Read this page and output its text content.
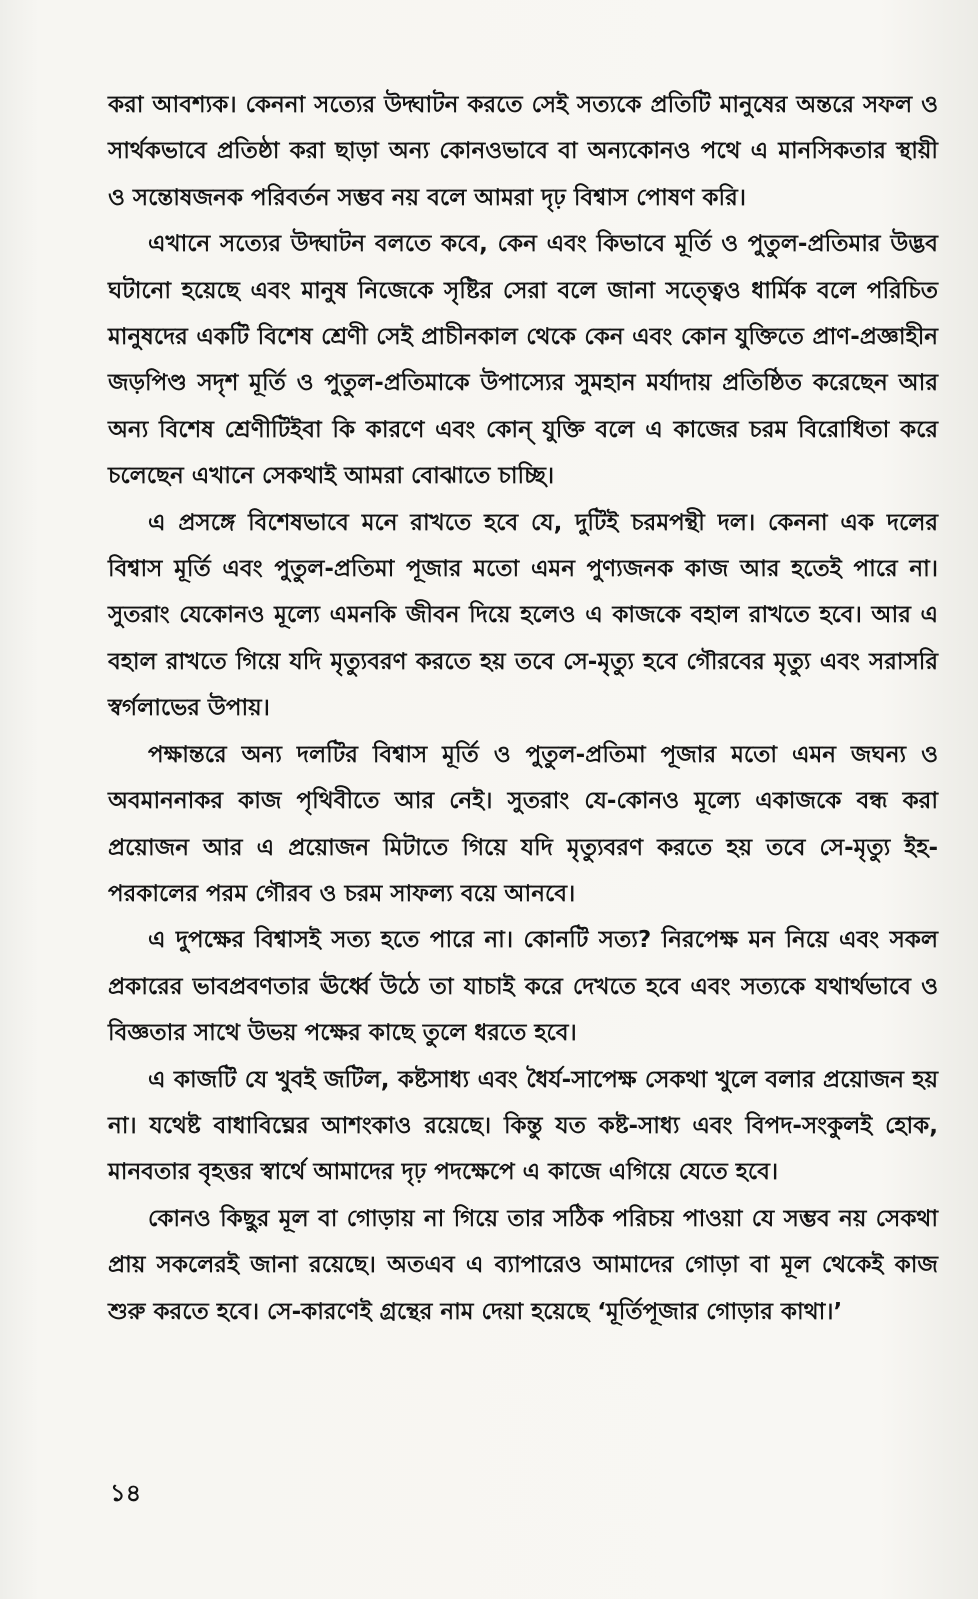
করা আবশ্যক। কেননা সত্যের উদ্ঘাটন করতে সেই সত্যকে প্রতিটি মানুষের অন্তরে সফল ও সার্থকভাবে প্রতিষ্ঠা করা ছাড়া অন্য কোনওভাবে বা অন্যকোনও পথে এ মানসিকতার স্থায়ী ও সন্তোষজনক পরিবর্তন সম্ভব নয় বলে আমরা দৃঢ় বিশ্বাস পোষণ করি।

এখানে সত্যের উদ্ঘাটন বলতে কবে, কেন এবং কিভাবে মূর্তি ও পুতুল-প্রতিমার উদ্ভব ঘটানো হয়েছে এবং মানুষ নিজেকে সৃষ্টির সেরা বলে জানা সত্ত্বেও ধার্মিক বলে পরিচিত মানুষদের একটি বিশেষ শ্রেণী সেই প্রাচীনকাল থেকে কেন এবং কোন যুক্তিতে প্রাণ-প্রজ্ঞাহীন জড়পিণ্ড সদৃশ মূর্তি ও পুতুল-প্রতিমাকে উপাস্যের সুমহান মর্যাদায় প্রতিষ্ঠিত করেছেন আর অন্য বিশেষ শ্রেণীটিইবা কি কারণে এবং কোন্ যুক্তি বলে এ কাজের চরম বিরোধিতা করে চলেছেন এখানে সেকথাই আমরা বোঝাতে চাচ্ছি।

এ প্রসঙ্গে বিশেষভাবে মনে রাখতে হবে যে, দুটিই চরমপন্থী দল। কেননা এক দলের বিশ্বাস মূর্তি এবং পুতুল-প্রতিমা পূজার মতো এমন পুণ্যজনক কাজ আর হতেই পারে না। সুতরাং যেকোনও মূল্যে এমনকি জীবন দিয়ে হলেও এ কাজকে বহাল রাখতে হবে। আর এ বহাল রাখতে গিয়ে যদি মৃত্যুবরণ করতে হয় তবে সে-মৃত্যু হবে গৌরবের মৃত্যু এবং সরাসরি স্বর্গলাভের উপায়।

পক্ষান্তরে অন্য দলটির বিশ্বাস মূর্তি ও পুতুল-প্রতিমা পূজার মতো এমন জঘন্য ও অবমাননাকর কাজ পৃথিবীতে আর নেই। সুতরাং যে-কোনও মূল্যে একাজকে বন্ধ করা প্রয়োজন আর এ প্রয়োজন মিটাতে গিয়ে যদি মৃত্যুবরণ করতে হয় তবে সে-মৃত্যু ইহ-পরকালের পরম গৌরব ও চরম সাফল্য বয়ে আনবে।

এ দুপক্ষের বিশ্বাসই সত্য হতে পারে না। কোনটি সত্য? নিরপেক্ষ মন নিয়ে এবং সকল প্রকারের ভাবপ্রবণতার ঊর্ধ্বে উঠে তা যাচাই করে দেখতে হবে এবং সত্যকে যথার্থভাবে ও বিজ্ঞতার সাথে উভয় পক্ষের কাছে তুলে ধরতে হবে।

এ কাজটি যে খুবই জটিল, কষ্টসাধ্য এবং ধৈর্য-সাপেক্ষ সেকথা খুলে বলার প্রয়োজন হয় না। যথেষ্ট বাধাবিঘ্নের আশংকাও রয়েছে। কিন্তু যত কষ্ট-সাধ্য এবং বিপদ-সংকুলই হোক, মানবতার বৃহত্তর স্বার্থে আমাদের দৃঢ় পদক্ষেপে এ কাজে এগিয়ে যেতে হবে।

কোনও কিছুর মূল বা গোড়ায় না গিয়ে তার সঠিক পরিচয় পাওয়া যে সম্ভব নয় সেকথা প্রায় সকলেরই জানা রয়েছে। অতএব এ ব্যাপারেও আমাদের গোড়া বা মূল থেকেই কাজ শুরু করতে হবে। সে-কারণেই গ্রন্থের নাম দেয়া হয়েছে ‘মূর্তিপূজার গোড়ার কাথা।’

১৪
